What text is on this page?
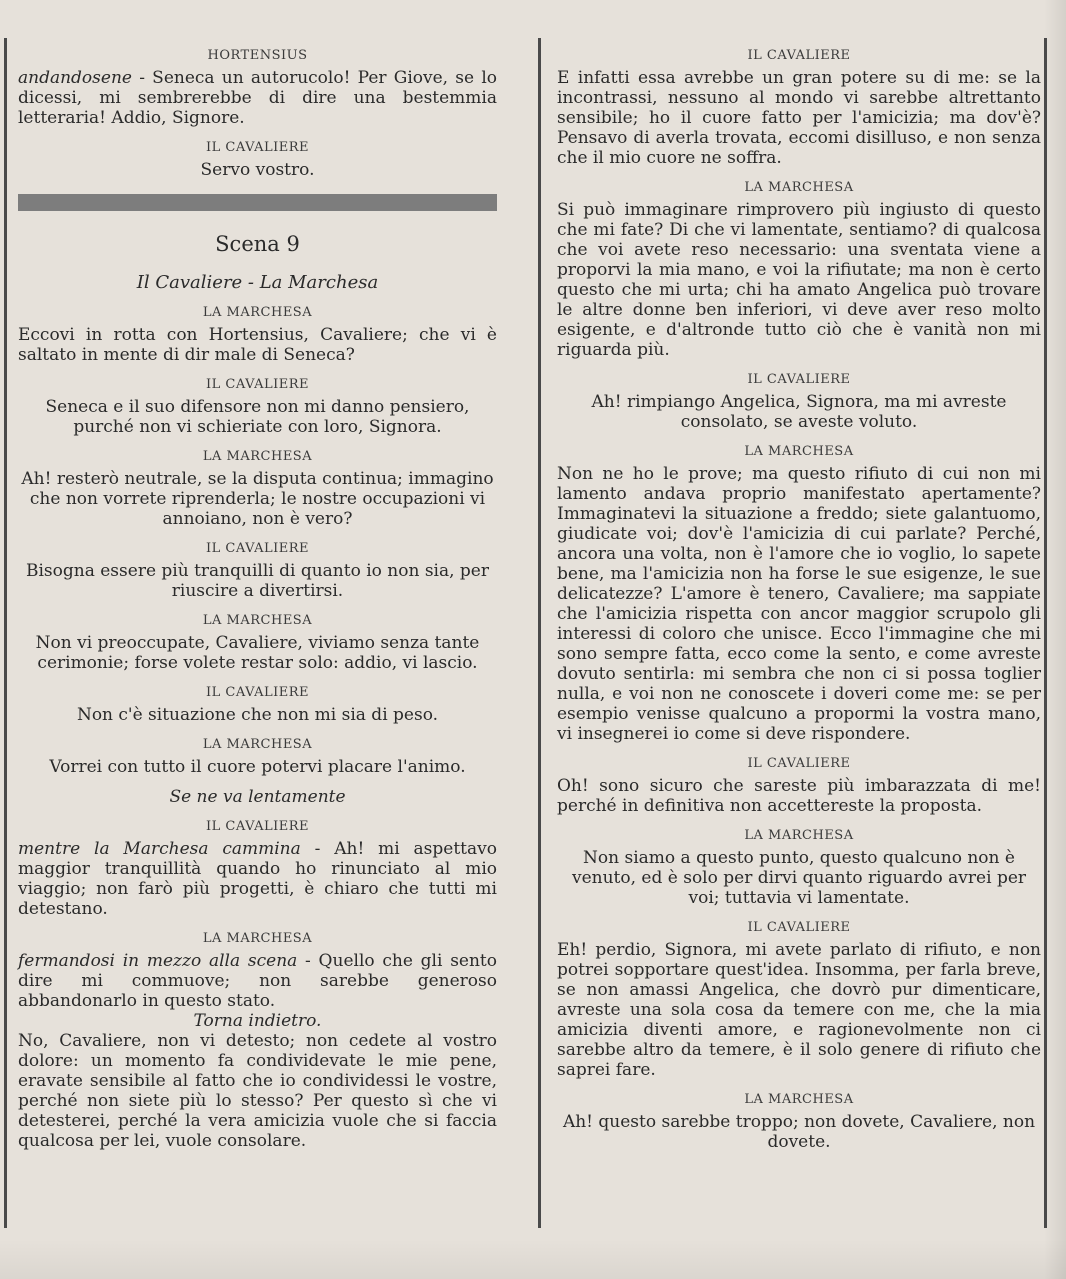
HORTENSIUS

andandosene - Seneca un autorucolo! Per Giove, se lo dicessi, mi sembrerebbe di dire una bestemmia letteraria! Addio, Signore.

IL CAVALIERE

Servo vostro.

Scena 9
Il Cavaliere - La Marchesa
LA MARCHESA

Eccovi in rotta con Hortensius, Cavaliere; che vi è saltato in mente di dir male di Seneca?

IL CAVALIERE

Seneca e il suo difensore non mi danno pensiero, purché non vi schieriate con loro, Signora.

LA MARCHESA

Ah! resterò neutrale, se la disputa continua; immagino che non vorrete riprenderla; le nostre occupazioni vi annoiano, non è vero?

IL CAVALIERE

Bisogna essere più tranquilli di quanto io non sia, per riuscire a divertirsi.

LA MARCHESA

Non vi preoccupate, Cavaliere, viviamo senza tante cerimonie; forse volete restar solo: addio, vi lascio.

IL CAVALIERE

Non c'è situazione che non mi sia di peso.

LA MARCHESA

Vorrei con tutto il cuore potervi placare l'animo.

Se ne va lentamente

IL CAVALIERE

mentre la Marchesa cammina - Ah! mi aspettavo maggior tranquillità quando ho rinunciato al mio viaggio; non farò più progetti, è chiaro che tutti mi detestano.

LA MARCHESA

fermandosi in mezzo alla scena - Quello che gli sento dire mi commuove; non sarebbe generoso abbandonarlo in questo stato.

Torna indietro.

No, Cavaliere, non vi detesto; non cedete al vostro dolore: un momento fa condividevate le mie pene, eravate sensibile al fatto che io condividessi le vostre, perché non siete più lo stesso? Per questo sì che vi detesterei, perché la vera amicizia vuole che si faccia qualcosa per lei, vuole consolare.

IL CAVALIERE

E infatti essa avrebbe un gran potere su di me: se la incontrassi, nessuno al mondo vi sarebbe altrettanto sensibile; ho il cuore fatto per l'amicizia; ma dov'è? Pensavo di averla trovata, eccomi disilluso, e non senza che il mio cuore ne soffra.

LA MARCHESA

Si può immaginare rimprovero più ingiusto di questo che mi fate? Di che vi lamentate, sentiamo? di qualcosa che voi avete reso necessario: una sventata viene a proporvi la mia mano, e voi la rifiutate; ma non è certo questo che mi urta; chi ha amato Angelica può trovare le altre donne ben inferiori, vi deve aver reso molto esigente, e d'altronde tutto ciò che è vanità non mi riguarda più.

IL CAVALIERE

Ah! rimpiango Angelica, Signora, ma mi avreste consolato, se aveste voluto.

LA MARCHESA

Non ne ho le prove; ma questo rifiuto di cui non mi lamento andava proprio manifestato apertamente? Immaginatevi la situazione a freddo; siete galantuomo, giudicate voi; dov'è l'amicizia di cui parlate? Perché, ancora una volta, non è l'amore che io voglio, lo sapete bene, ma l'amicizia non ha forse le sue esigenze, le sue delicatezze? L'amore è tenero, Cavaliere; ma sappiate che l'amicizia rispetta con ancor maggior scrupolo gli interessi di coloro che unisce. Ecco l'immagine che mi sono sempre fatta, ecco come la sento, e come avreste dovuto sentirla: mi sembra che non ci si possa toglier nulla, e voi non ne conoscete i doveri come me: se per esempio venisse qualcuno a propormi la vostra mano, vi insegnerei io come si deve rispondere.

IL CAVALIERE

Oh! sono sicuro che sareste più imbarazzata di me! perché in definitiva non accettereste la proposta.

LA MARCHESA

Non siamo a questo punto, questo qualcuno non è venuto, ed è solo per dirvi quanto riguardo avrei per voi; tuttavia vi lamentate.

IL CAVALIERE

Eh! perdio, Signora, mi avete parlato di rifiuto, e non potrei sopportare quest'idea. Insomma, per farla breve, se non amassi Angelica, che dovrò pur dimenticare, avreste una sola cosa da temere con me, che la mia amicizia diventi amore, e ragionevolmente non ci sarebbe altro da temere, è il solo genere di rifiuto che saprei fare.

LA MARCHESA

Ah! questo sarebbe troppo; non dovete, Cavaliere, non dovete.
